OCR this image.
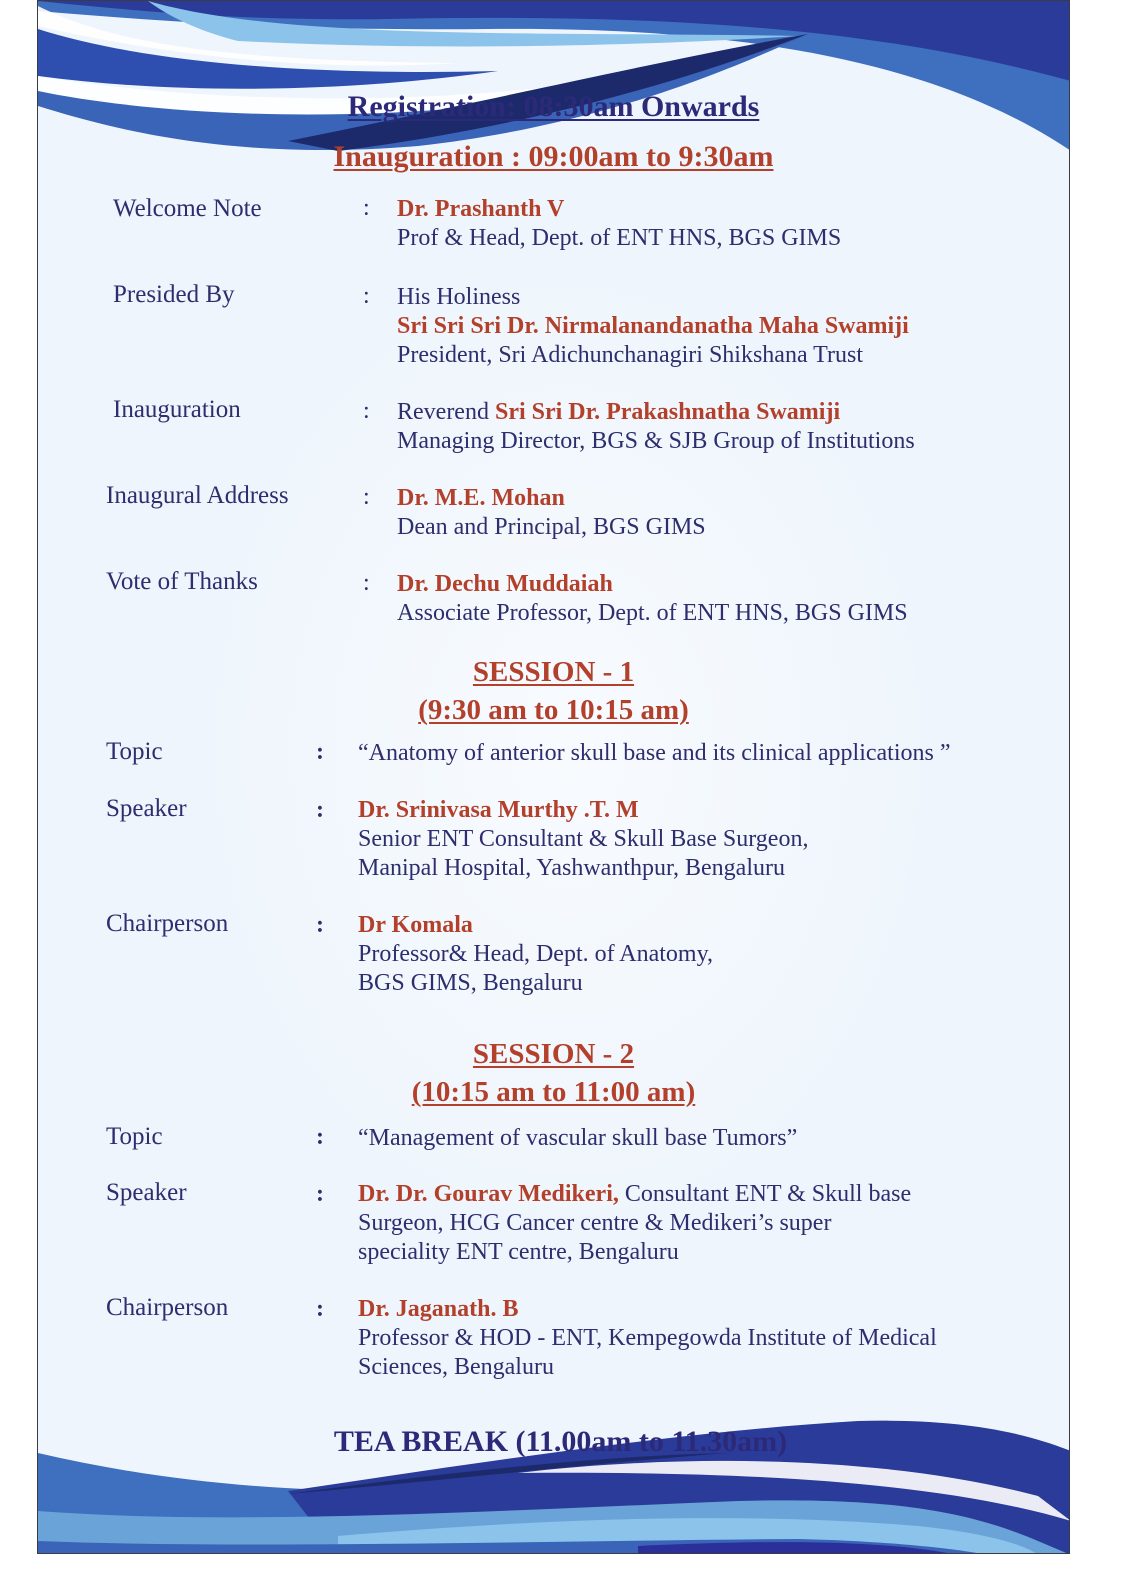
Registration: 08:30am Onwards
Inauguration : 09:00am to 9:30am
Welcome Note	: Dr. Prashanth V
Prof & Head, Dept. of ENT HNS, BGS GIMS
Presided By	: His Holiness
Sri Sri Sri Dr. Nirmalanandanatha Maha Swamiji
President, Sri Adichunchanagiri Shikshana Trust
Inauguration	: Reverend Sri Sri Dr. Prakashnatha Swamiji
Managing Director, BGS & SJB Group of Institutions
Inaugural Address	: Dr. M.E. Mohan
Dean and Principal, BGS GIMS
Vote of Thanks	: Dr. Dechu Muddaiah
Associate Professor, Dept. of ENT HNS, BGS GIMS
SESSION - 1
(9:30 am to 10:15 am)
Topic	: “Anatomy of anterior skull base and its clinical applications ”
Speaker	: Dr. Srinivasa Murthy .T. M
Senior ENT Consultant & Skull Base Surgeon,
Manipal Hospital, Yashwanthpur, Bengaluru
Chairperson	: Dr Komala
Professor& Head, Dept. of Anatomy,
BGS GIMS, Bengaluru
SESSION - 2
(10:15 am to 11:00 am)
Topic	: “Management of vascular skull base Tumors”
Speaker	: Dr. Dr. Gourav Medikeri, Consultant ENT & Skull base
Surgeon, HCG Cancer centre & Medikeri’s super
speciality ENT centre, Bengaluru
Chairperson	: Dr. Jaganath. B
Professor & HOD - ENT, Kempegowda Institute of Medical
Sciences, Bengaluru
TEA BREAK (11.00am to 11.30am)
